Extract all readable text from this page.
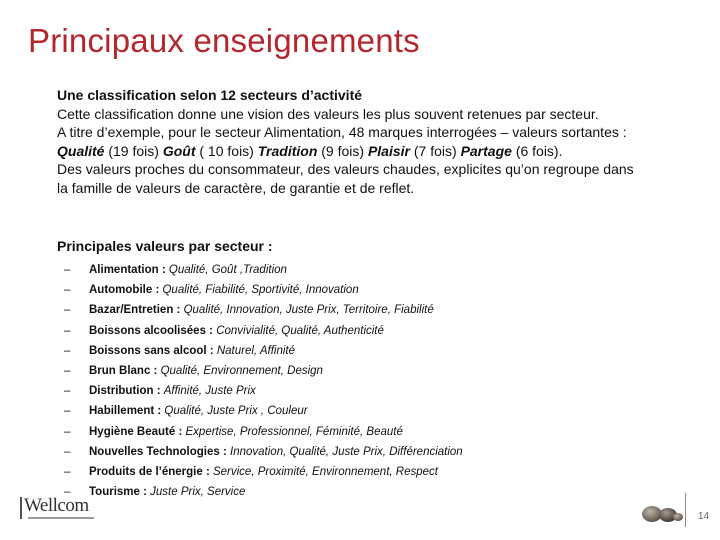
Principaux enseignements
Une classification selon 12 secteurs d’activité
Cette classification donne une vision des valeurs les plus souvent retenues par secteur.
A titre d’exemple, pour le secteur Alimentation, 48 marques interrogées – valeurs sortantes :
Qualité (19 fois) Goût ( 10 fois) Tradition (9 fois) Plaisir (7 fois) Partage (6 fois).
Des valeurs proches du consommateur, des valeurs chaudes, explicites qu’on regroupe dans
la famille de valeurs de caractère, de garantie et de reflet.
Principales valeurs par secteur :
–	Alimentation : Qualité, Goût ,Tradition
–	Automobile : Qualité, Fiabilité, Sportivité, Innovation
–	Bazar/Entretien : Qualité, Innovation, Juste Prix, Territoire, Fiabilité
–	Boissons alcoolisées : Convivialité, Qualité, Authenticité
–	Boissons sans alcool : Naturel, Affinité
–	Brun Blanc : Qualité, Environnement, Design
–	Distribution : Affinité, Juste Prix
–	Habillement : Qualité, Juste Prix , Couleur
–	Hygiène Beauté : Expertise, Professionnel, Féminité, Beauté
–	Nouvelles Technologies : Innovation, Qualité, Juste Prix, Différenciation
–	Produits de l’énergie : Service, Proximité, Environnement, Respect
–	Tourisme : Juste Prix, Service
Wellcom
14
